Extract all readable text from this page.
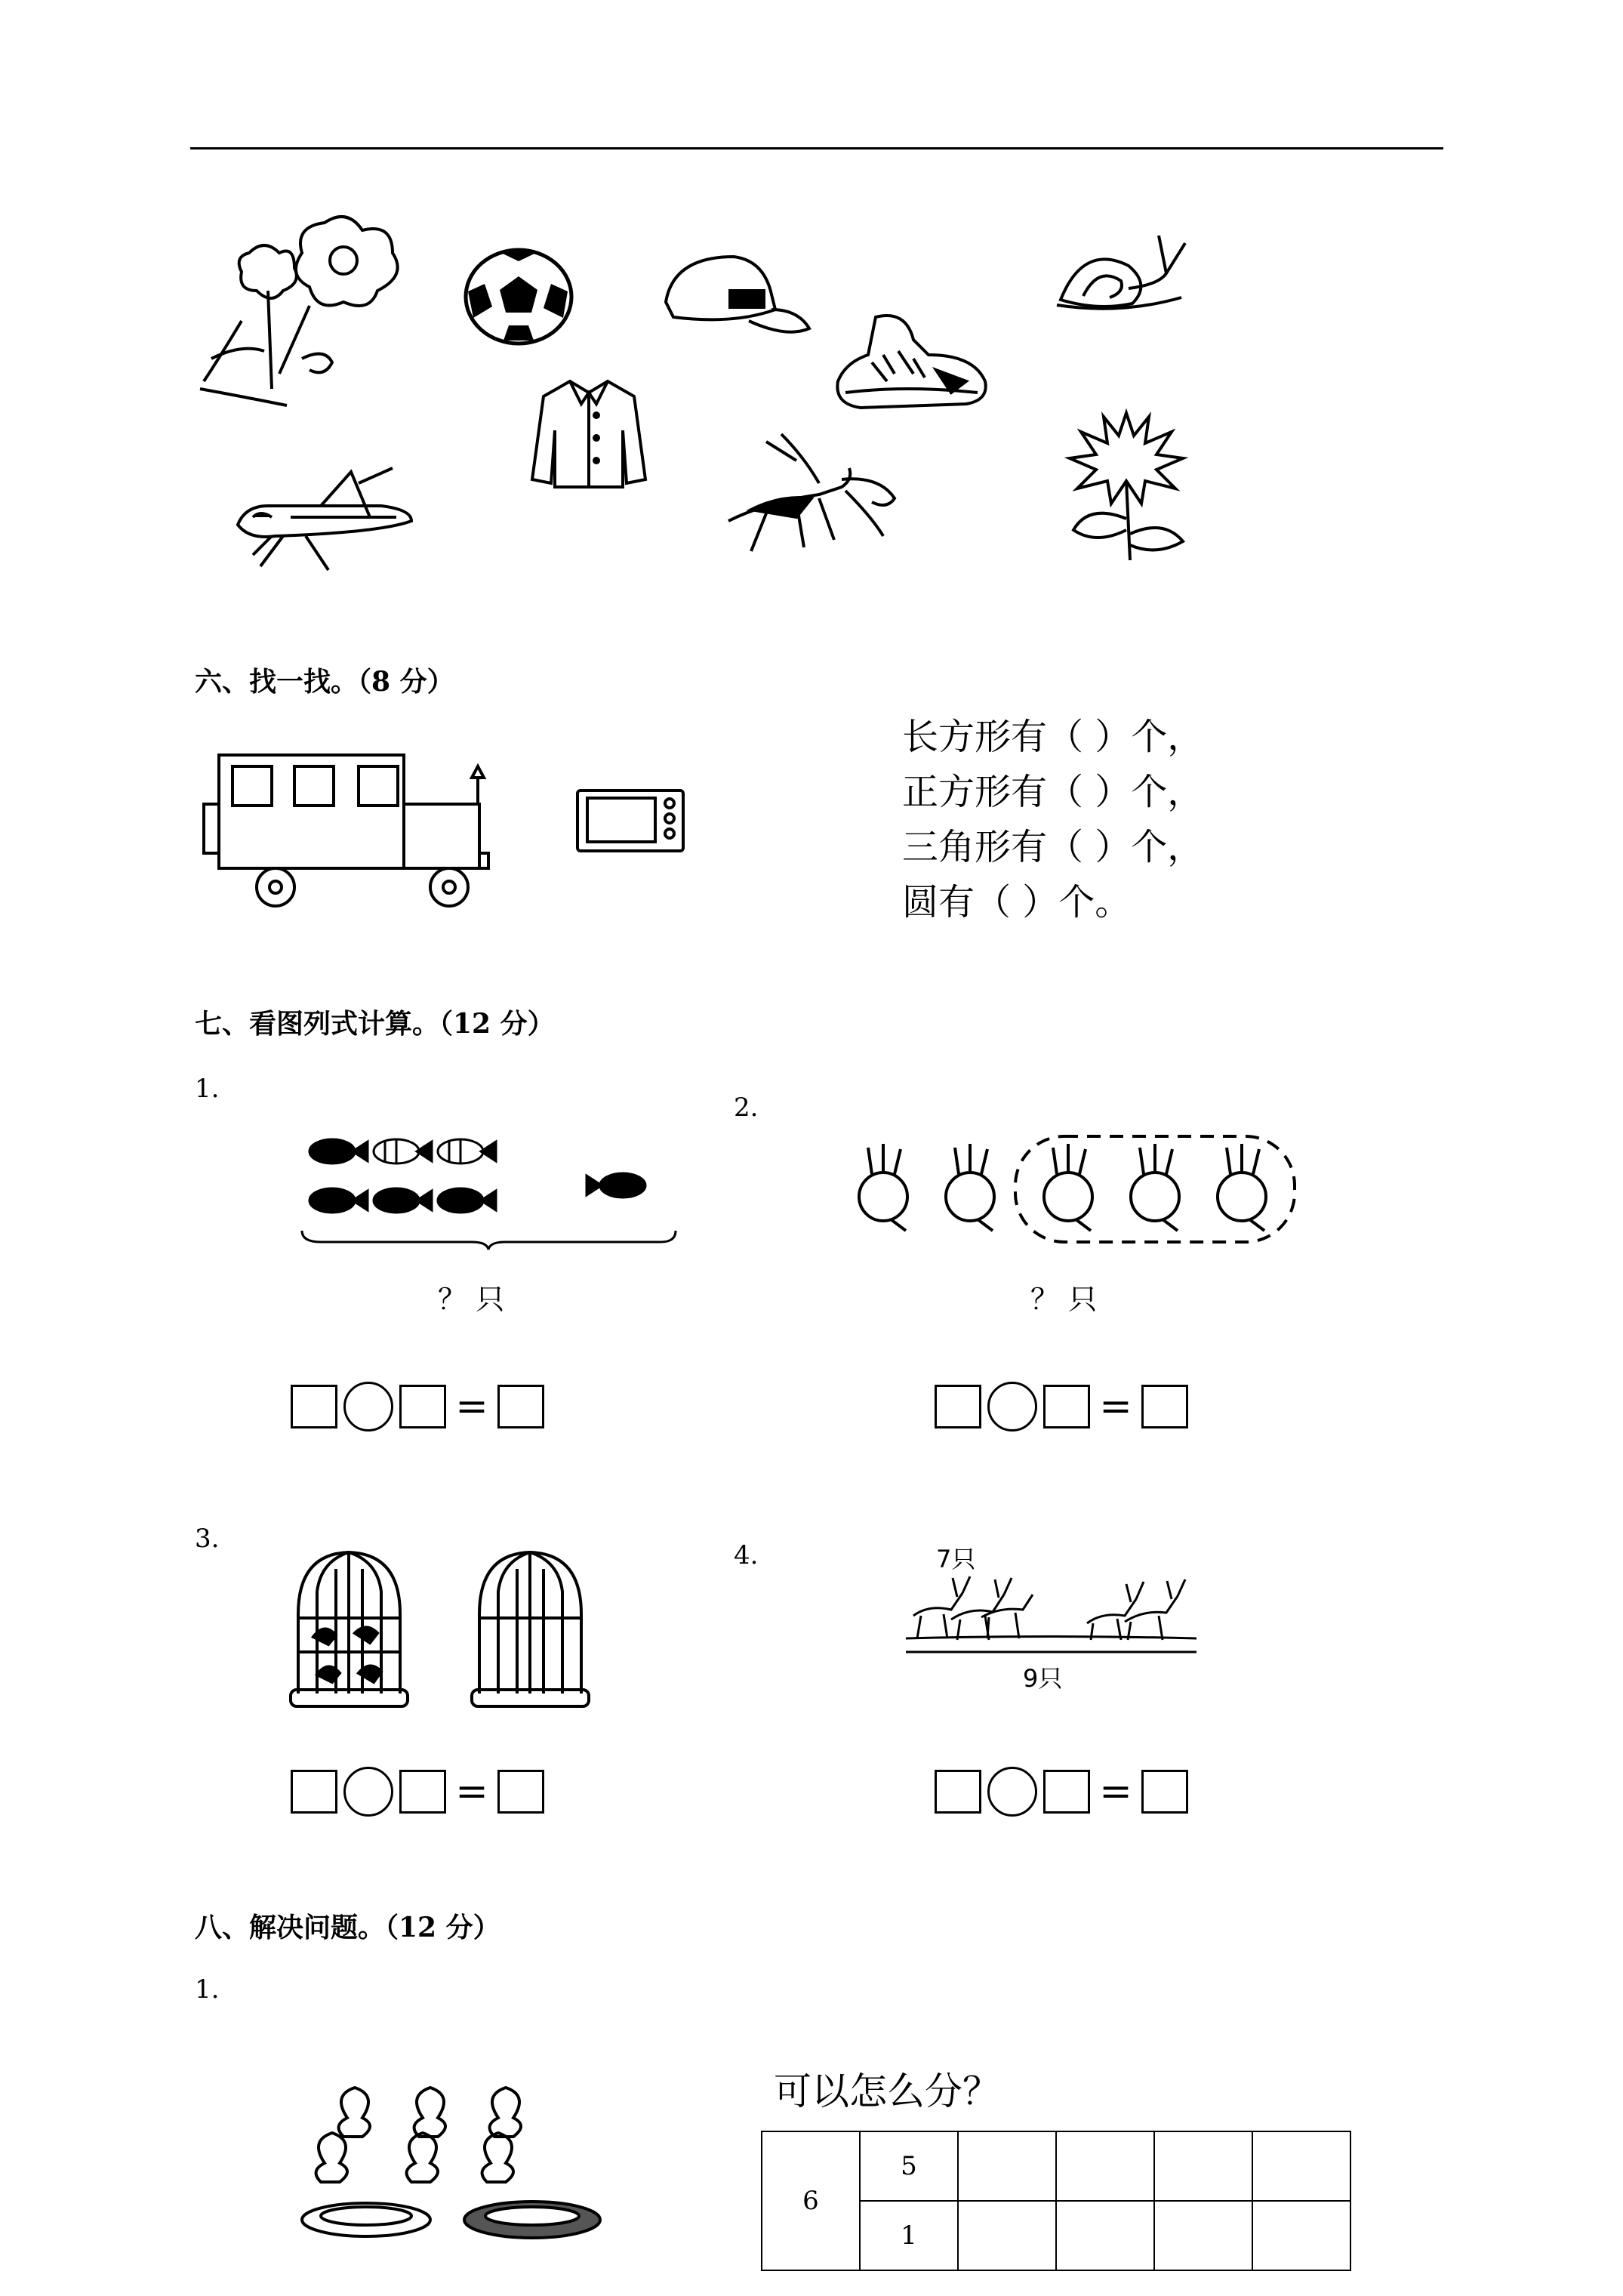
六、找一找。（8 分）
长方形有（ ）个，
正方形有（ ）个，
三角形有（ ）个，
圆有（ ）个。
七、看图列式计算。（12 分）
1.
？ 只
=
2.
？ 只
=
3.
=
4.	7只
9只
=
八、解决问题。（12 分）
1.
可以怎么分？
6	5				
	1				
